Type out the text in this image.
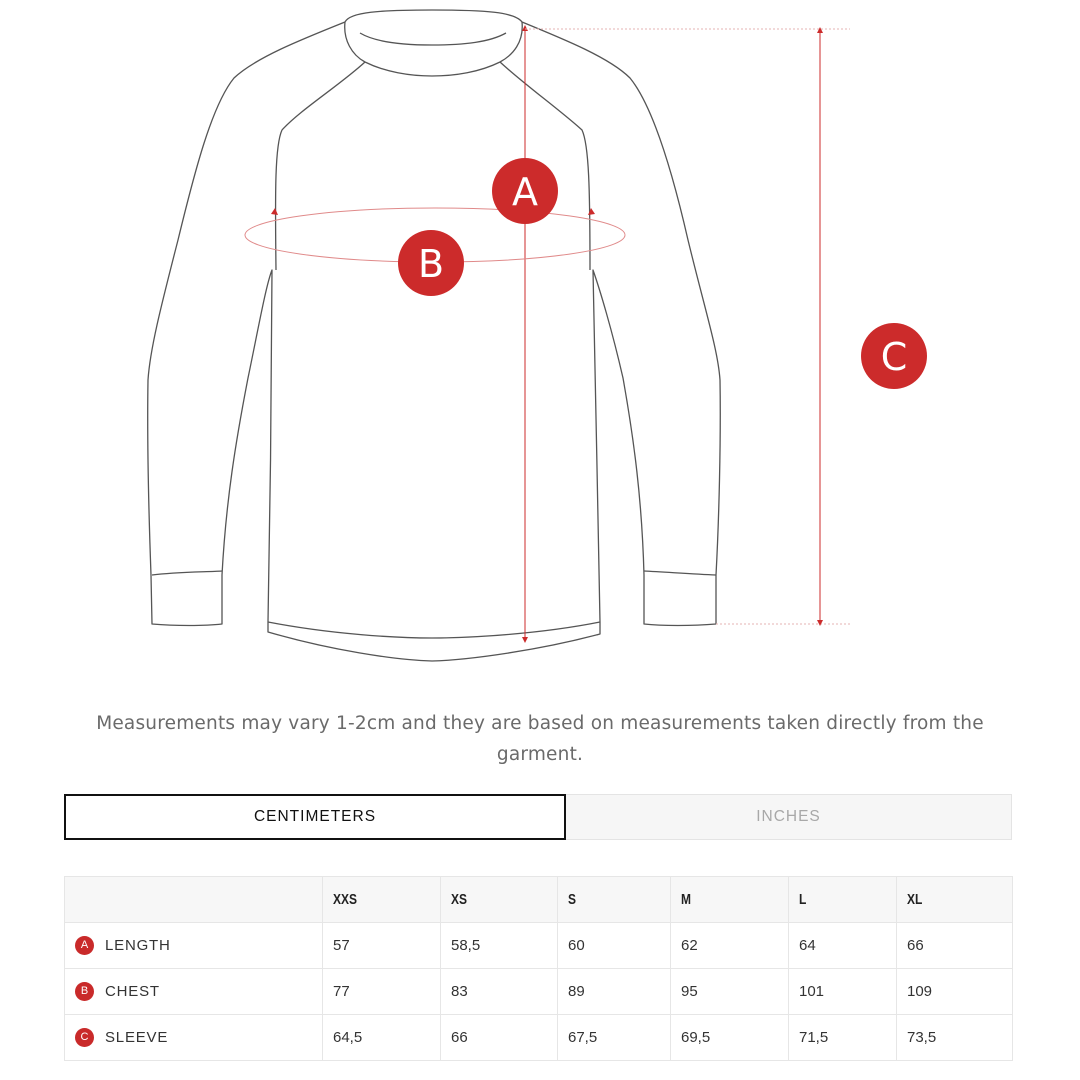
A
B
C
Measurements may vary 1-2cm and they are based on measurements taken directly from the garment.
CENTIMETERS	INCHES
	XXS	XS	S	M	L	XL
A LENGTH	57	58,5	60	62	64	66
B CHEST	77	83	89	95	101	109
C SLEEVE	64,5	66	67,5	69,5	71,5	73,5
